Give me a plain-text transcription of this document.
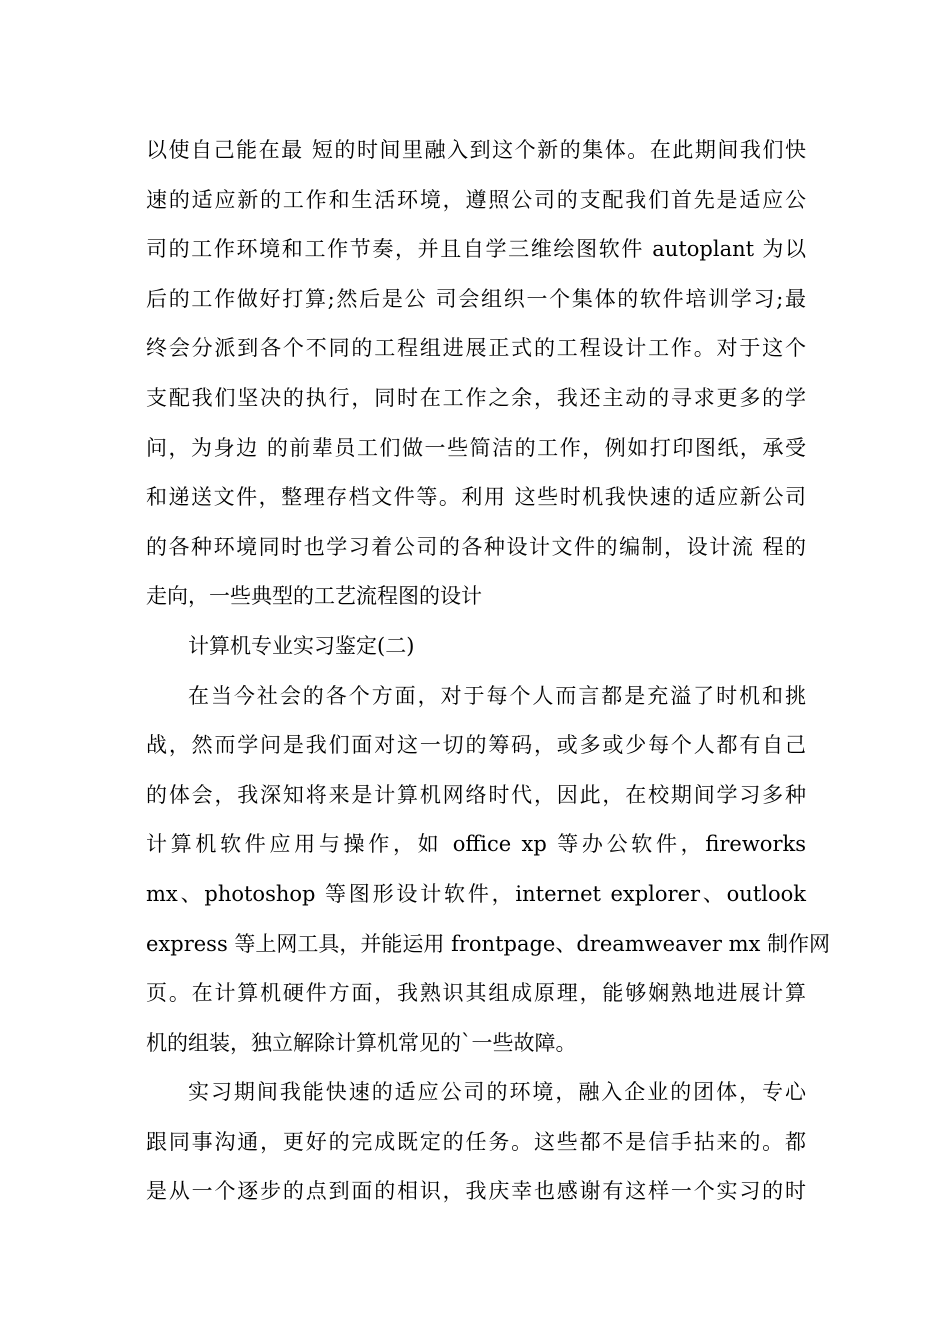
以使自己能在最 短的时间里融入到这个新的集体。在此期间我们快
速的适应新的工作和生活环境，遵照公司的支配我们首先是适应公
司的工作环境和工作节奏，并且自学三维绘图软件 autoplant 为以
后的工作做好打算;然后是公 司会组织一个集体的软件培训学习;最
终会分派到各个不同的工程组进展正式的工程设计工作。对于这个
支配我们坚决的执行，同时在工作之余，我还主动的寻求更多的学
问，为身边 的前辈员工们做一些简洁的工作，例如打印图纸，承受
和递送文件，整理存档文件等。利用 这些时机我快速的适应新公司
的各种环境同时也学习着公司的各种设计文件的编制，设计流 程的
走向，一些典型的工艺流程图的设计
计算机专业实习鉴定(二)
在当今社会的各个方面，对于每个人而言都是充溢了时机和挑
战，然而学问是我们面对这一切的筹码，或多或少每个人都有自己
的体会，我深知将来是计算机网络时代，因此，在校期间学习多种
计算机软件应用与操作，如 office xp 等办公软件，fireworks
mx、photoshop 等图形设计软件，internet explorer、outlook
express 等上网工具，并能运用 frontpage、dreamweaver mx 制作网
页。在计算机硬件方面，我熟识其组成原理，能够娴熟地进展计算
机的组装，独立解除计算机常见的`一些故障。
实习期间我能快速的适应公司的环境，融入企业的团体，专心
跟同事沟通，更好的完成既定的任务。这些都不是信手拈来的。都
是从一个逐步的点到面的相识，我庆幸也感谢有这样一个实习的时
